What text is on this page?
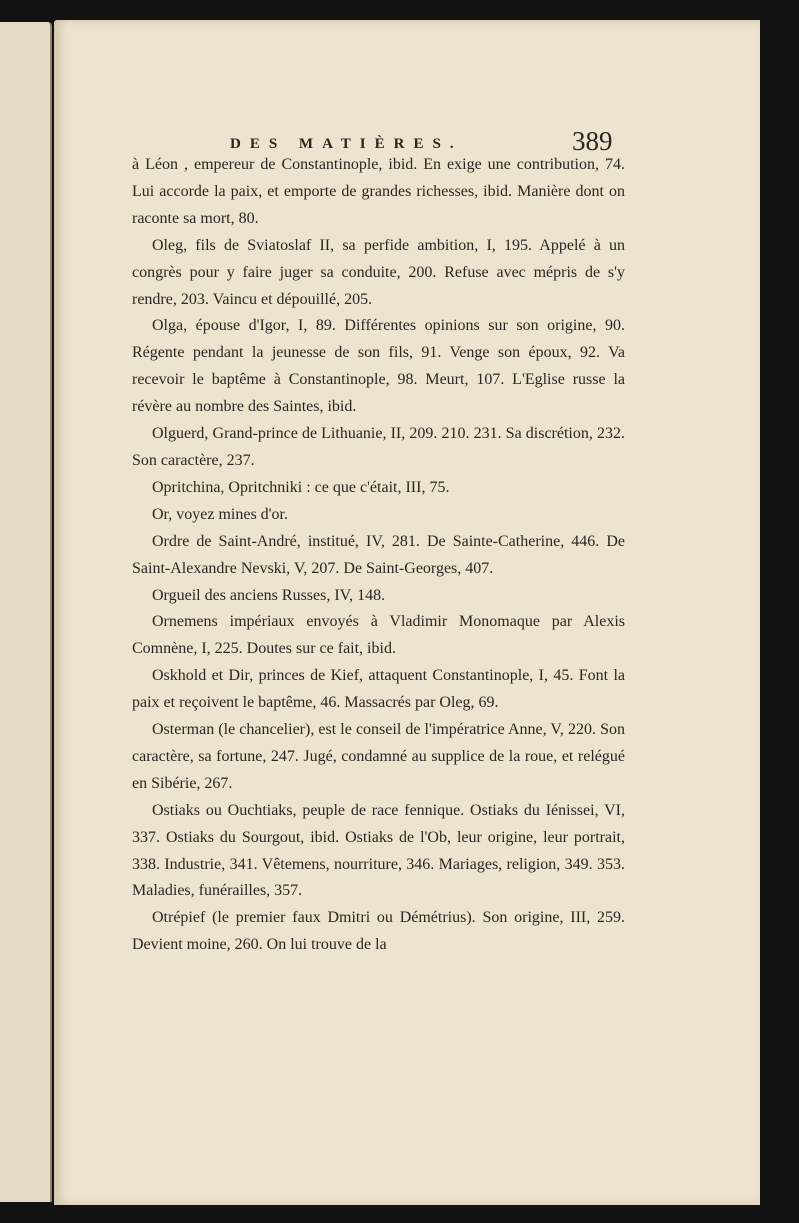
DES MATIÈRES.	389

à Léon , empereur de Constantinople, ibid. En exige une contribution, 74. Lui accorde la paix, et emporte de grandes richesses, ibid. Manière dont on raconte sa mort, 80.

Oleg, fils de Sviatoslaf II, sa perfide ambition, I, 195. Appelé à un congrès pour y faire juger sa conduite, 200. Refuse avec mépris de s'y rendre, 203. Vaincu et dépouillé, 205.

Olga, épouse d'Igor, I, 89. Différentes opinions sur son origine, 90. Régente pendant la jeunesse de son fils, 91. Venge son époux, 92. Va recevoir le baptême à Constantinople, 98. Meurt, 107. L'Eglise russe la révère au nombre des Saintes, ibid.

Olguerd, Grand-prince de Lithuanie, II, 209. 210. 231. Sa discrétion, 232. Son caractère, 237.

Opritchina, Opritchniki : ce que c'était, III, 75.

Or, voyez mines d'or.

Ordre de Saint-André, institué, IV, 281. De Sainte-Catherine, 446. De Saint-Alexandre Nevski, V, 207. De Saint-Georges, 407.

Orgueil des anciens Russes, IV, 148.

Ornemens impériaux envoyés à Vladimir Monomaque par Alexis Comnène, I, 225. Doutes sur ce fait, ibid.

Oskhold et Dir, princes de Kief, attaquent Constantinople, I, 45. Font la paix et reçoivent le baptême, 46. Massacrés par Oleg, 69.

Osterman (le chancelier), est le conseil de l'impératrice Anne, V, 220. Son caractère, sa fortune, 247. Jugé, condamné au supplice de la roue, et relégué en Sibérie, 267.

Ostiaks ou Ouchtiaks, peuple de race fennique. Ostiaks du Iénissei, VI, 337. Ostiaks du Sourgout, ibid. Ostiaks de l'Ob, leur origine, leur portrait, 338. Industrie, 341. Vêtemens, nourriture, 346. Mariages, religion, 349. 353. Maladies, funérailles, 357.

Otrépief (le premier faux Dmitri ou Démétrius). Son origine, III, 259. Devient moine, 260. On lui trouve de la
